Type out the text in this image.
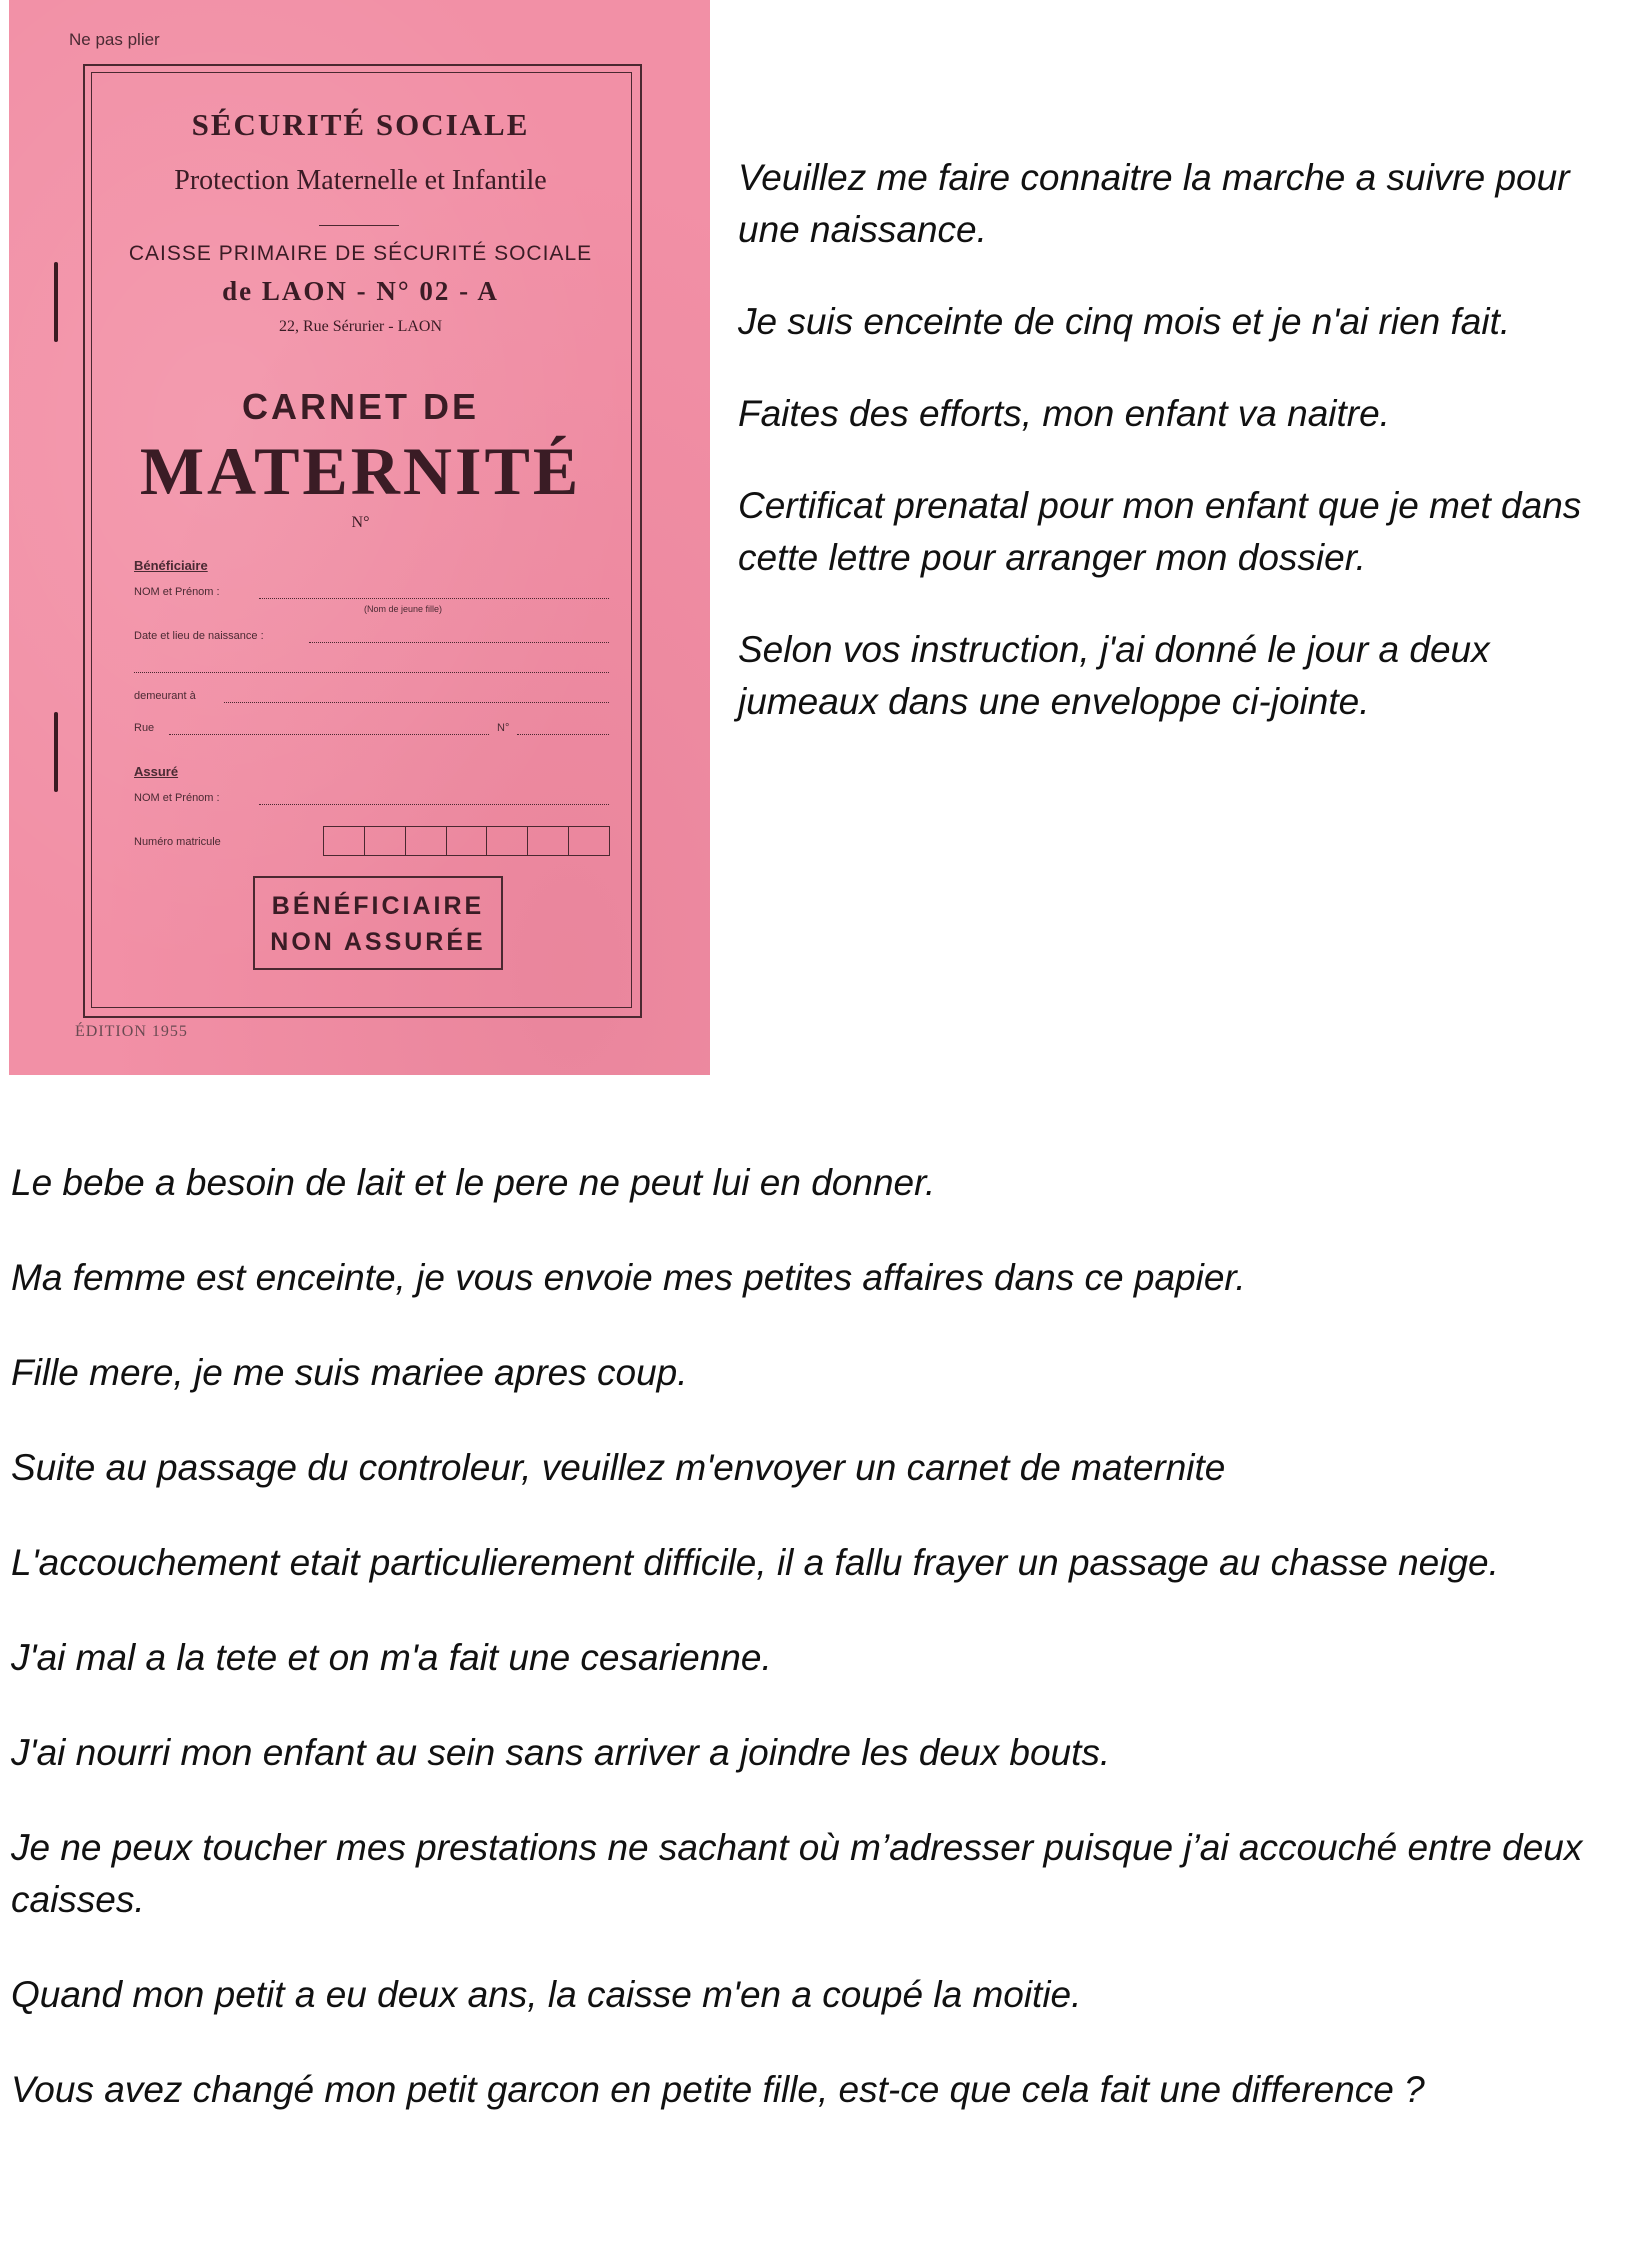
Ne pas plier
SÉCURITÉ SOCIALE
Protection Maternelle et Infantile
CAISSE PRIMAIRE DE SÉCURITÉ SOCIALE
de LAON - N° 02 - A
22, Rue Sérurier - LAON
CARNET DE
MATERNITÉ
N°
Bénéficiaire
NOM et Prénom :
(Nom de jeune fille)
Date et lieu de naissance :
demeurant à
Rue	N°
Assuré
NOM et Prénom :
Numéro matricule
BÉNÉFICIAIRE
NON ASSURÉE
ÉDITION 1955

Veuillez me faire connaitre la marche a suivre pour une naissance.

Je suis enceinte de cinq mois et je n'ai rien fait.

Faites des efforts, mon enfant va naitre.

Certificat prenatal pour mon enfant que je met dans cette lettre pour arranger mon dossier.

Selon vos instruction, j'ai donné le jour a deux jumeaux dans une enveloppe ci-jointe.

Le bebe a besoin de lait et le pere ne peut lui en donner.

Ma femme est enceinte, je vous envoie mes petites affaires dans ce papier.

Fille mere, je me suis mariee apres coup.

Suite au passage du controleur, veuillez m'envoyer un carnet de maternite

L'accouchement etait particulierement difficile, il a fallu frayer un passage au chasse neige.

J'ai mal a la tete et on m'a fait une cesarienne.

J'ai nourri mon enfant au sein sans arriver a joindre les deux bouts.

Je ne peux toucher mes prestations ne sachant où m’adresser puisque j’ai accouché entre deux caisses.

Quand mon petit a eu deux ans, la caisse m'en a coupé la moitie.

Vous avez changé mon petit garcon en petite fille, est-ce que cela fait une difference ?
